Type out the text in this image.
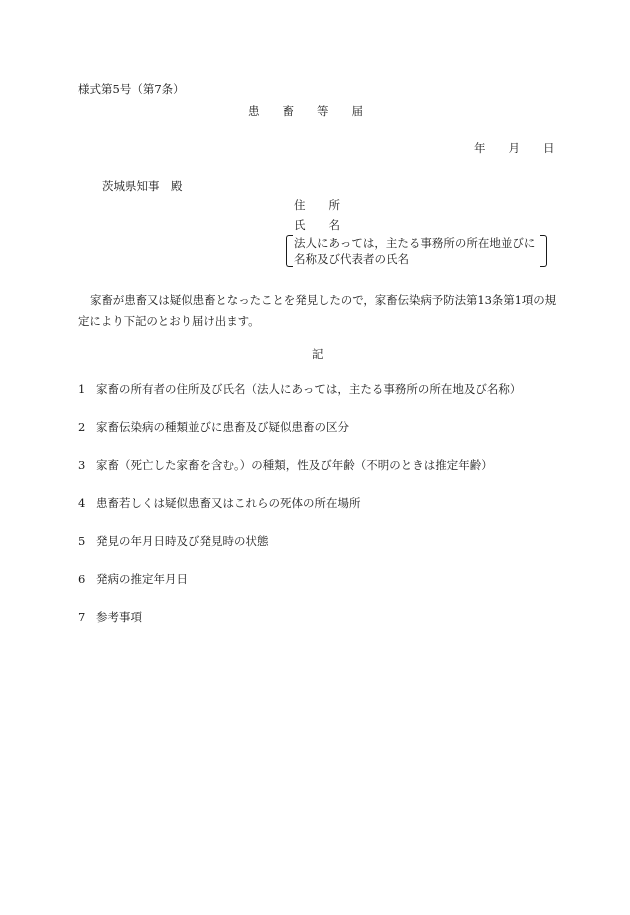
様式第5号（第7条）
患　　畜　　等　　届
年　　月　　日
茨城県知事　殿
住　　所
氏　　名
法人にあっては，主たる事務所の所在地並びに
名称及び代表者の氏名
家畜が患畜又は疑似患畜となったことを発見したので，家畜伝染病予防法第13条第1項の規定により下記のとおり届け出ます。
記
1 家畜の所有者の住所及び氏名（法人にあっては，主たる事務所の所在地及び名称）
2 家畜伝染病の種類並びに患畜及び疑似患畜の区分
3 家畜（死亡した家畜を含む。）の種類，性及び年齢（不明のときは推定年齢）
4 患畜若しくは疑似患畜又はこれらの死体の所在場所
5 発見の年月日時及び発見時の状態
6 発病の推定年月日
7 参考事項
